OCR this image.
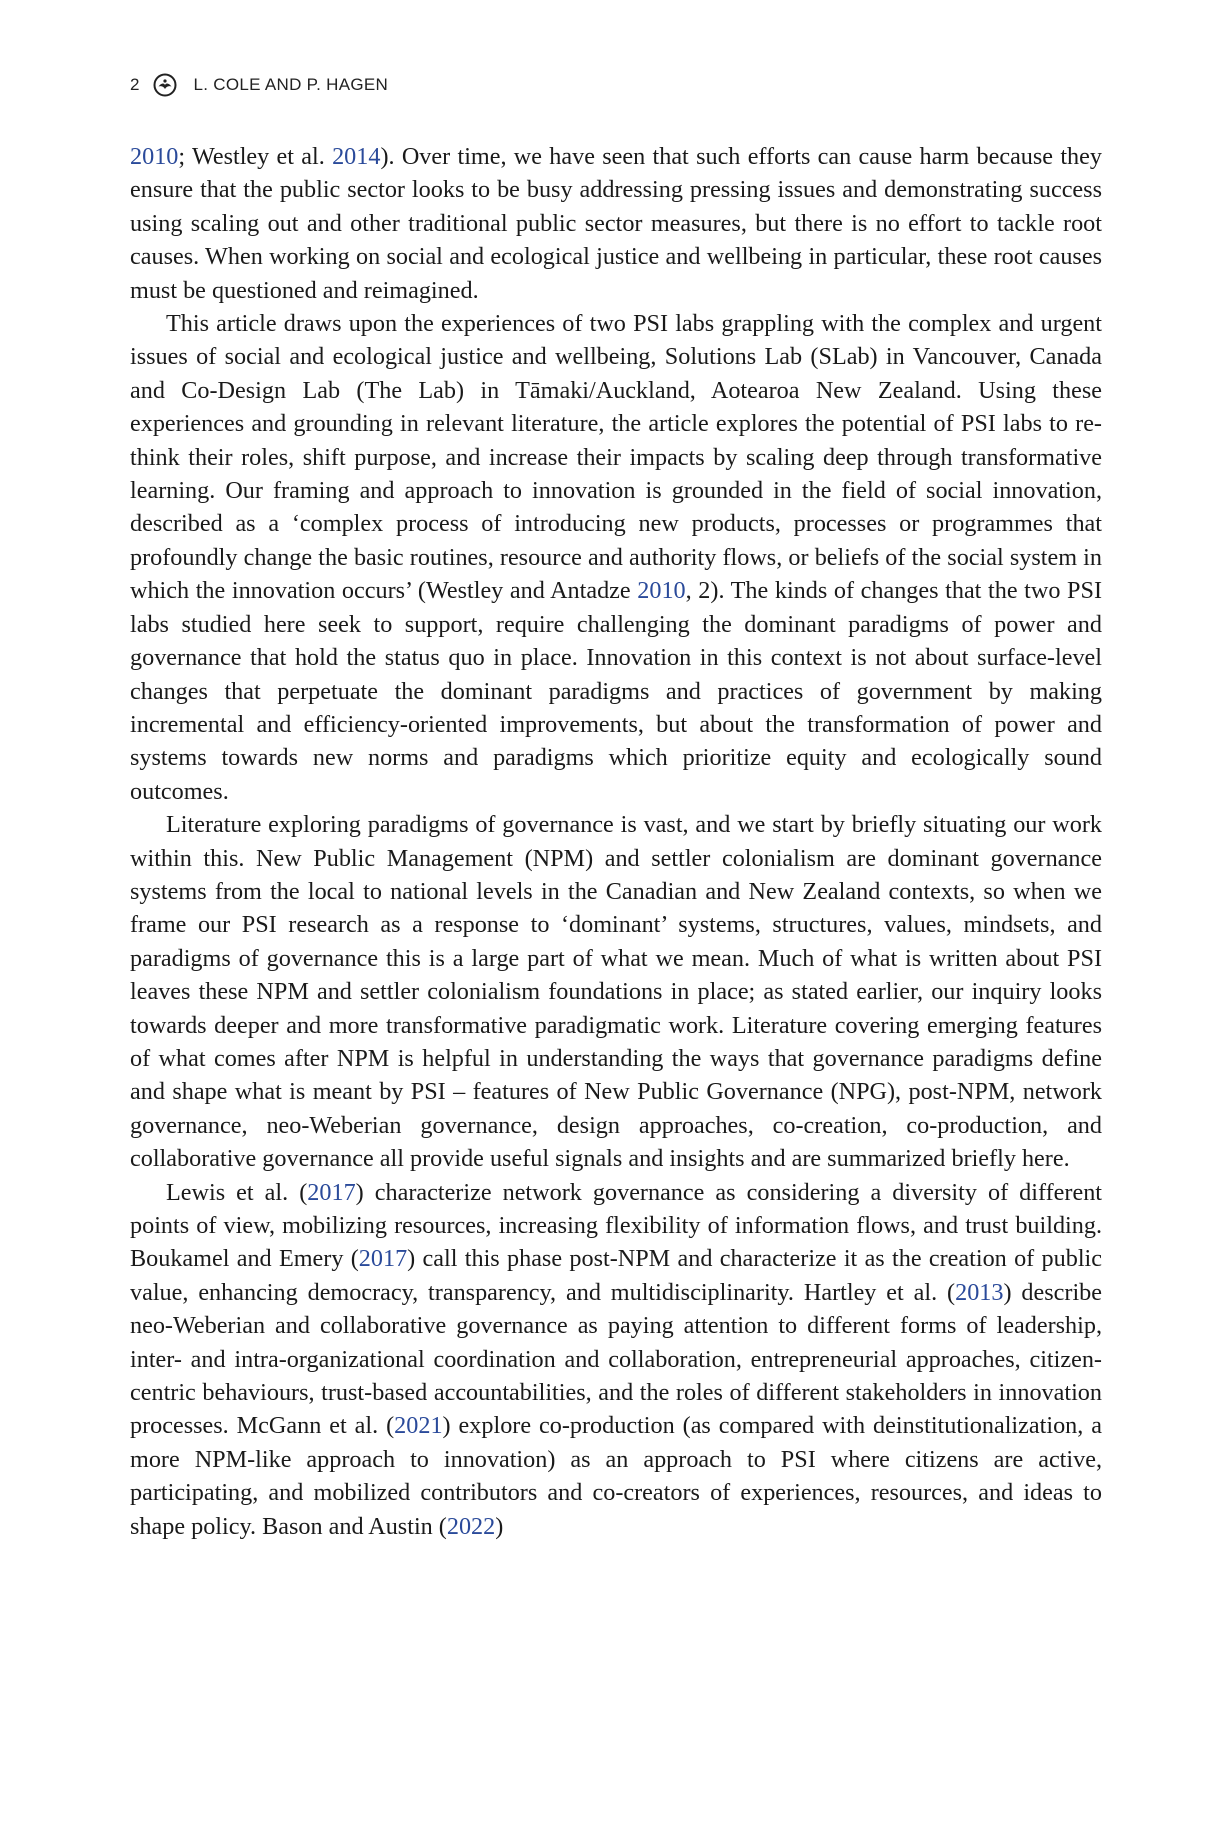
2	L. COLE AND P. HAGEN

2010; Westley et al. 2014). Over time, we have seen that such efforts can cause harm because they ensure that the public sector looks to be busy addressing pressing issues and demonstrating success using scaling out and other traditional public sector measures, but there is no effort to tackle root causes. When working on social and ecological justice and wellbeing in particular, these root causes must be questioned and reimagined.

This article draws upon the experiences of two PSI labs grappling with the complex and urgent issues of social and ecological justice and wellbeing, Solutions Lab (SLab) in Vancouver, Canada and Co-Design Lab (The Lab) in Tāmaki/Auckland, Aotearoa New Zealand. Using these experiences and grounding in relevant literature, the article explores the potential of PSI labs to re-think their roles, shift purpose, and increase their impacts by scaling deep through transformative learning. Our framing and approach to innovation is grounded in the field of social innovation, described as a ‘complex process of introducing new products, processes or programmes that profoundly change the basic routines, resource and authority flows, or beliefs of the social system in which the innovation occurs’ (Westley and Antadze 2010, 2). The kinds of changes that the two PSI labs studied here seek to support, require challenging the dominant paradigms of power and governance that hold the status quo in place. Innovation in this context is not about surface-level changes that perpetuate the dominant paradigms and practices of government by making incremental and efficiency-oriented improvements, but about the transformation of power and systems towards new norms and paradigms which prioritize equity and ecologically sound outcomes.

Literature exploring paradigms of governance is vast, and we start by briefly situating our work within this. New Public Management (NPM) and settler colonialism are dominant governance systems from the local to national levels in the Canadian and New Zealand contexts, so when we frame our PSI research as a response to ‘dominant’ systems, structures, values, mindsets, and paradigms of governance this is a large part of what we mean. Much of what is written about PSI leaves these NPM and settler colonialism foundations in place; as stated earlier, our inquiry looks towards deeper and more transformative paradigmatic work. Literature covering emerging features of what comes after NPM is helpful in understanding the ways that governance paradigms define and shape what is meant by PSI – features of New Public Governance (NPG), post-NPM, network governance, neo-Weberian governance, design approaches, co-creation, co-production, and collaborative governance all provide useful signals and insights and are summarized briefly here.

Lewis et al. (2017) characterize network governance as considering a diversity of different points of view, mobilizing resources, increasing flexibility of information flows, and trust building. Boukamel and Emery (2017) call this phase post-NPM and characterize it as the creation of public value, enhancing democracy, transparency, and multidisciplinarity. Hartley et al. (2013) describe neo-Weberian and collaborative governance as paying attention to different forms of leadership, inter- and intra-organizational coordination and collaboration, entrepreneurial approaches, citizen-centric behaviours, trust-based accountabilities, and the roles of different stakeholders in innovation processes. McGann et al. (2021) explore co-production (as compared with deinstitutionalization, a more NPM-like approach to innovation) as an approach to PSI where citizens are active, participating, and mobilized contributors and co-creators of experiences, resources, and ideas to shape policy. Bason and Austin (2022)
